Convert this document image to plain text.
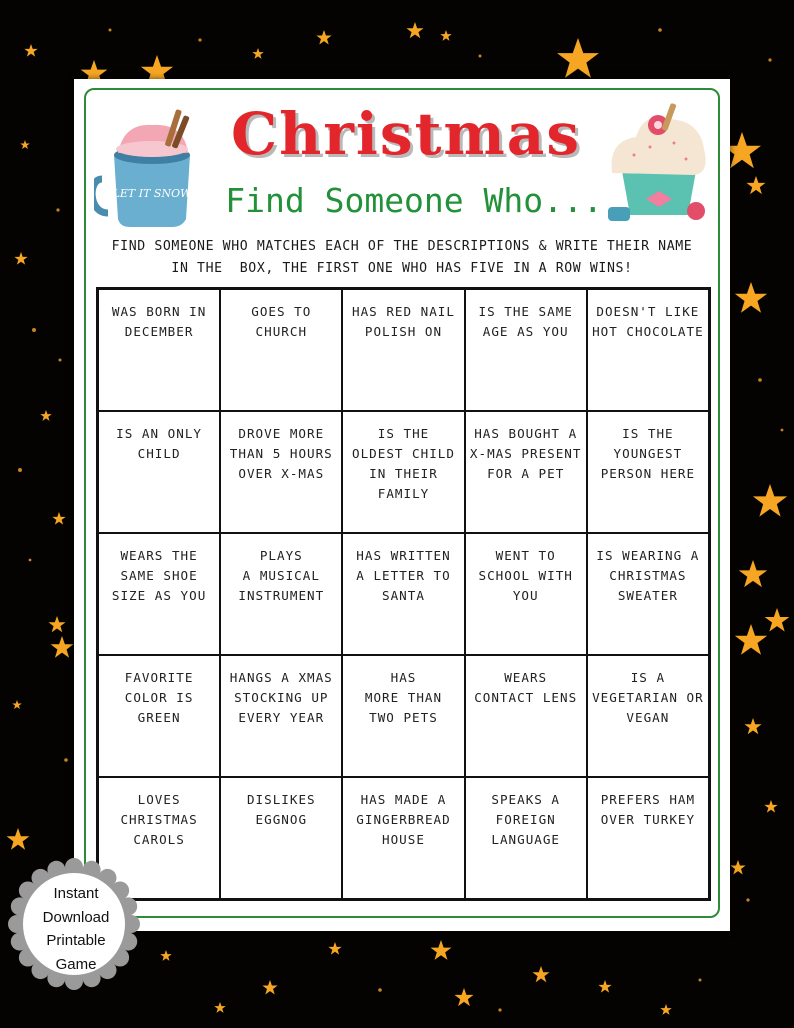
LET IT SNOW
Christmas
Find Someone Who...
FIND SOMEONE WHO MATCHES EACH OF THE DESCRIPTIONS & WRITE THEIR NAME
IN THE  BOX, THE FIRST ONE WHO HAS FIVE IN A ROW WINS!
WAS BORN IN
DECEMBER
GOES TO
CHURCH
HAS RED NAIL
POLISH ON
IS THE SAME
AGE AS YOU
DOESN'T LIKE
HOT CHOCOLATE
IS AN ONLY
CHILD
DROVE MORE
THAN 5 HOURS
OVER X-MAS
IS THE
OLDEST CHILD
IN THEIR FAMILY
HAS BOUGHT A
X-MAS PRESENT
FOR A PET
IS THE
YOUNGEST
PERSON HERE
WEARS THE
SAME SHOE
SIZE AS YOU
PLAYS
A MUSICAL
INSTRUMENT
HAS WRITTEN
A LETTER TO
SANTA
WENT TO
SCHOOL WITH
YOU
IS WEARING A
CHRISTMAS
SWEATER
FAVORITE
COLOR IS
GREEN
HANGS A XMAS
STOCKING UP
EVERY YEAR
HAS
MORE THAN
TWO PETS
WEARS
CONTACT LENS
IS A
VEGETARIAN OR
VEGAN
LOVES
CHRISTMAS
CAROLS
DISLIKES
EGGNOG
HAS MADE A
GINGERBREAD
HOUSE
SPEAKS A
FOREIGN
LANGUAGE
PREFERS HAM
OVER TURKEY
Instant
Download
Printable
Game
